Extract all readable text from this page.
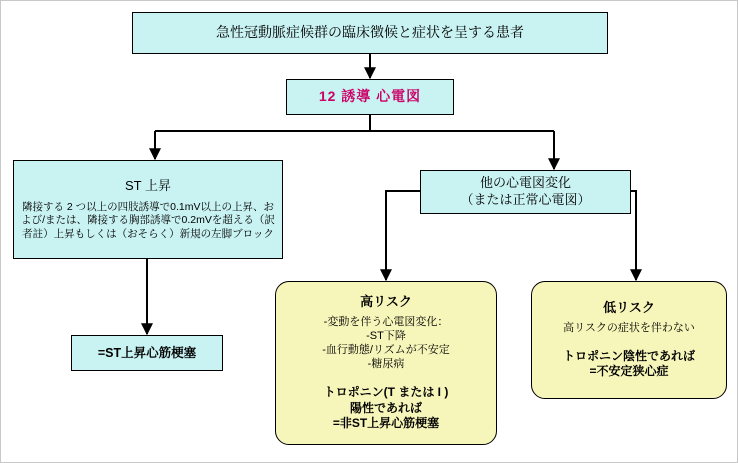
急性冠動脈症候群の臨床徴候と症状を呈する患者
12 誘導 心電図
ST 上昇
隣接する 2 つ以上の四肢誘導で0.1mV以上の上昇、お
よび/または、隣接する胸部誘導で0.2mVを超える（訳
者註）上昇もしくは（おそらく）新規の左脚ブロック
他の心電図変化
（または正常心電図）
=ST上昇心筋梗塞
高リスク
-変動を伴う心電図変化：
-ST下降
-血行動態/リズムが不安定
-糖尿病
トロポニン(T または I )
陽性であれば
=非ST上昇心筋梗塞
低リスク
高リスクの症状を伴わない
トロポニン陰性であれば
=不安定狭心症
